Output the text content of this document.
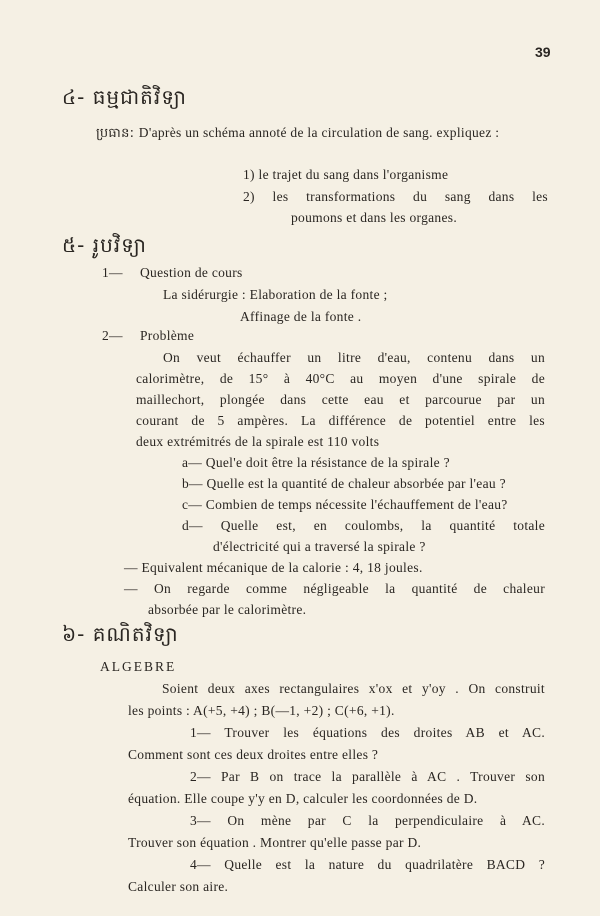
39
៤- ធម្មជាតិវិទ្យា
ប្រធាន: D'après un schéma annoté de la circulation de sang. expliquez :
1) le trajet du sang dans l'organisme
2) les transformations du sang dans les
poumons et dans les organes.
៥- រូបវិទ្យា
1— Question de cours
La sidérurgie : Elaboration de la fonte ;
Affinage de la fonte .
2— Problème
On veut échauffer un litre d'eau, contenu dans un
calorimètre, de 15° à 40°C au moyen d'une spirale de
maillechort, plongée dans cette eau et parcourue par un
courant de 5 ampères. La différence de potentiel entre les
deux extrémitrés de la spirale est 110 volts
a— Quel'e doit être la résistance de la spirale ?
b— Quelle est la quantité de chaleur absorbée par l'eau ?
c— Combien de temps nécessite l'échauffement de l'eau?
d— Quelle est, en coulombs, la quantité totale
d'électricité qui a traversé la spirale ?
— Equivalent mécanique de la calorie : 4, 18 joules.
— On regarde comme négligeable la quantité de chaleur
absorbée par le calorimètre.
៦- គណិតវិទ្យា
ALGEBRE
Soient deux axes rectangulaires x'ox et y'oy . On construit
les points : A(+5, +4) ; B(—1, +2) ; C(+6, +1).
1— Trouver les équations des droites AB et AC.
Comment sont ces deux droites entre elles ?
2— Par B on trace la parallèle à AC . Trouver son
équation. Elle coupe y'y en D, calculer les coordonnées de D.
3— On mène par C la perpendiculaire à AC.
Trouver son équation . Montrer qu'elle passe par D.
4— Quelle est la nature du quadrilatère BACD ?
Calculer son aire.
